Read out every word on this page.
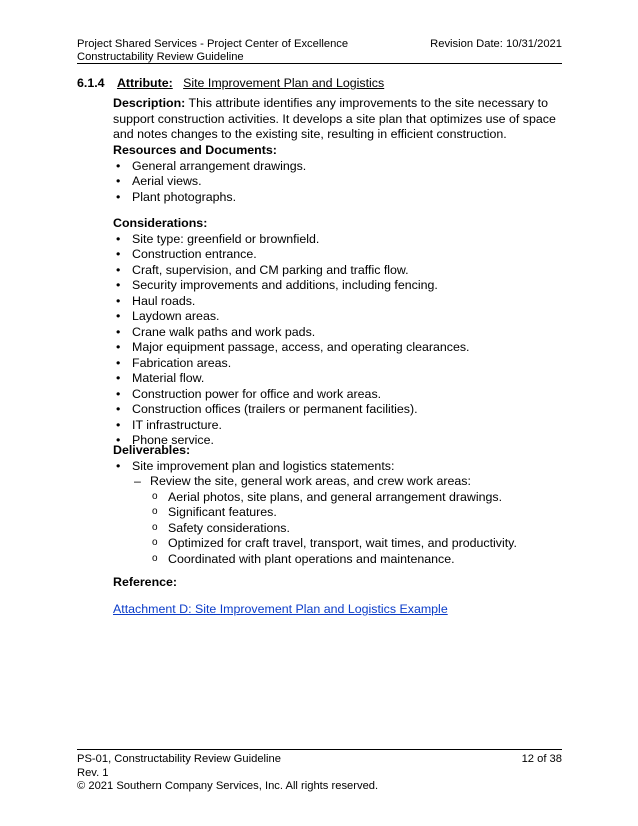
Project Shared Services - Project Center of Excellence	Revision Date: 10/31/2021
Constructability Review Guideline
6.1.4 Attribute: Site Improvement Plan and Logistics
Description: This attribute identifies any improvements to the site necessary to support construction activities. It develops a site plan that optimizes use of space and notes changes to the existing site, resulting in efficient construction.
Resources and Documents:
• General arrangement drawings.
• Aerial views.
• Plant photographs.
Considerations:
• Site type: greenfield or brownfield.
• Construction entrance.
• Craft, supervision, and CM parking and traffic flow.
• Security improvements and additions, including fencing.
• Haul roads.
• Laydown areas.
• Crane walk paths and work pads.
• Major equipment passage, access, and operating clearances.
• Fabrication areas.
• Material flow.
• Construction power for office and work areas.
• Construction offices (trailers or permanent facilities).
• IT infrastructure.
• Phone service.
Deliverables:
• Site improvement plan and logistics statements:
– Review the site, general work areas, and crew work areas:
o Aerial photos, site plans, and general arrangement drawings.
o Significant features.
o Safety considerations.
o Optimized for craft travel, transport, wait times, and productivity.
o Coordinated with plant operations and maintenance.
Reference:
Attachment D: Site Improvement Plan and Logistics Example
PS-01, Constructability Review Guideline	12 of 38
Rev. 1
© 2021 Southern Company Services, Inc. All rights reserved.
